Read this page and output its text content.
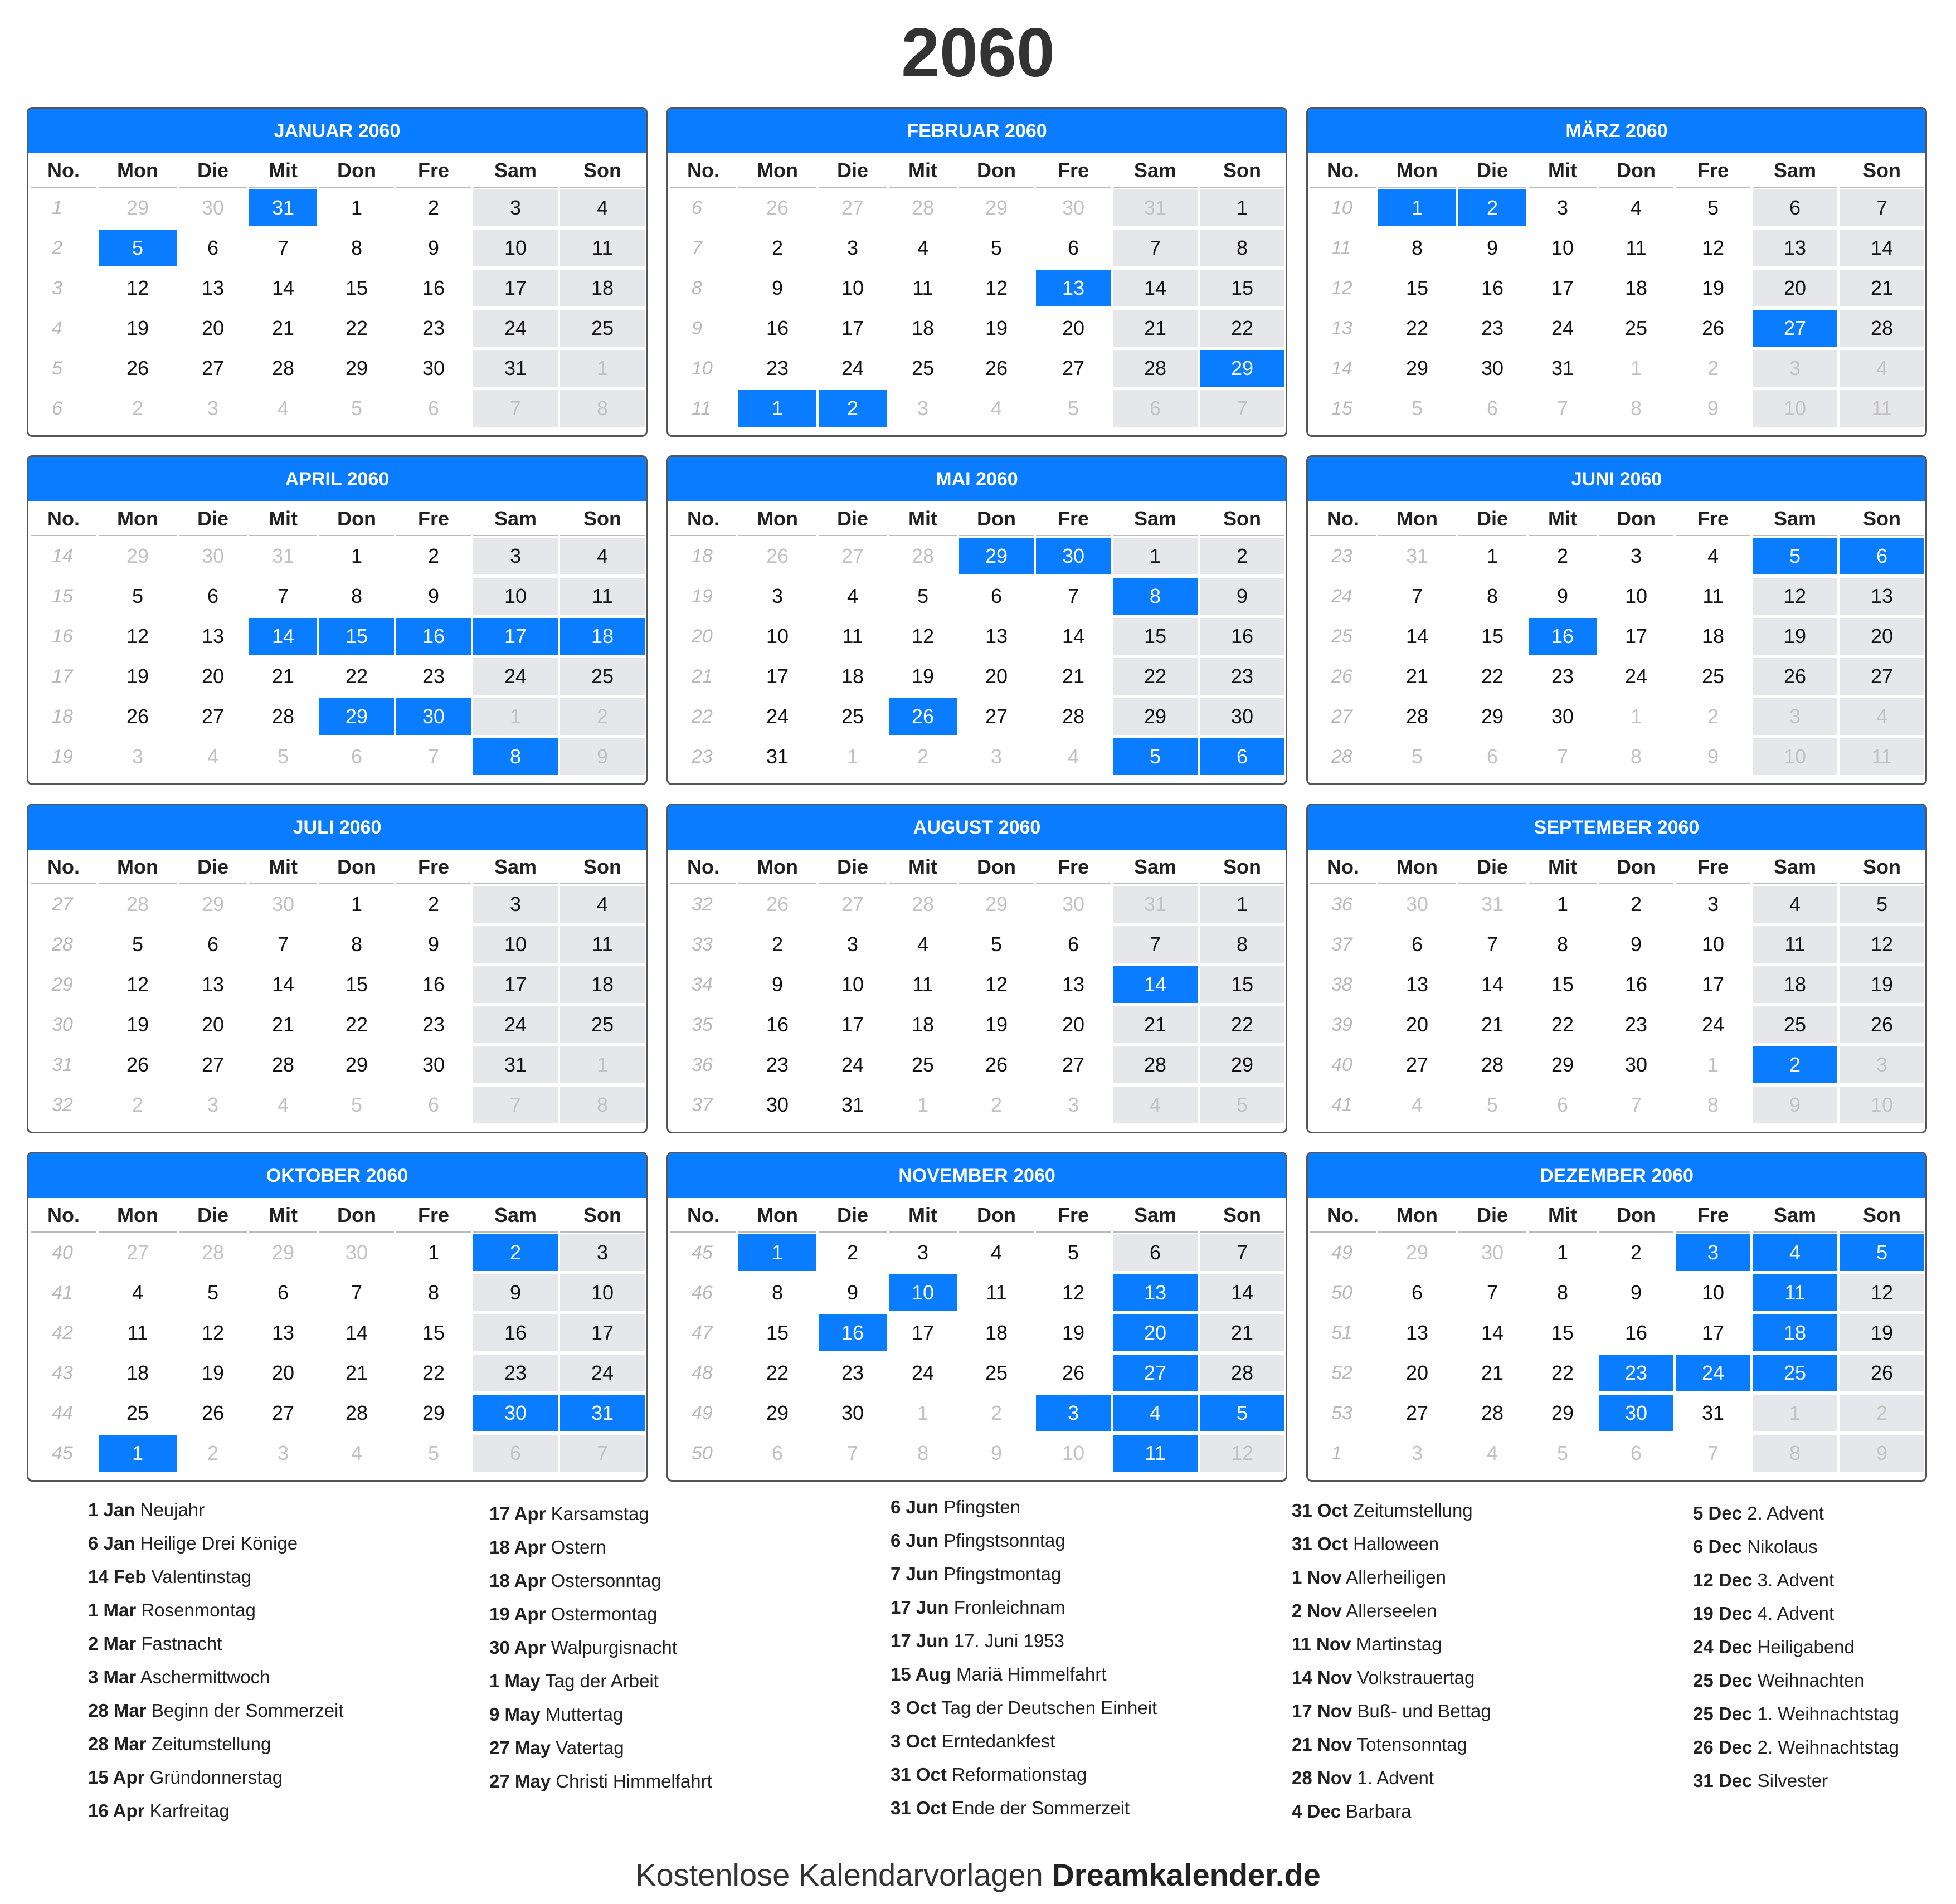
2060
JANUAR 2060
No.	Mon	Die	Mit	Don	Fre	Sam	Son
1	29	30	31	1	2	3	4
2	5	6	7	8	9	10	11
3	12	13	14	15	16	17	18
4	19	20	21	22	23	24	25
5	26	27	28	29	30	31	1
6	2	3	4	5	6	7	8
FEBRUAR 2060
No.	Mon	Die	Mit	Don	Fre	Sam	Son
6	26	27	28	29	30	31	1
7	2	3	4	5	6	7	8
8	9	10	11	12	13	14	15
9	16	17	18	19	20	21	22
10	23	24	25	26	27	28	29
11	1	2	3	4	5	6	7
MÄRZ 2060
No.	Mon	Die	Mit	Don	Fre	Sam	Son
10	1	2	3	4	5	6	7
11	8	9	10	11	12	13	14
12	15	16	17	18	19	20	21
13	22	23	24	25	26	27	28
14	29	30	31	1	2	3	4
15	5	6	7	8	9	10	11
APRIL 2060
No.	Mon	Die	Mit	Don	Fre	Sam	Son
14	29	30	31	1	2	3	4
15	5	6	7	8	9	10	11
16	12	13	14	15	16	17	18
17	19	20	21	22	23	24	25
18	26	27	28	29	30	1	2
19	3	4	5	6	7	8	9
MAI 2060
No.	Mon	Die	Mit	Don	Fre	Sam	Son
18	26	27	28	29	30	1	2
19	3	4	5	6	7	8	9
20	10	11	12	13	14	15	16
21	17	18	19	20	21	22	23
22	24	25	26	27	28	29	30
23	31	1	2	3	4	5	6
JUNI 2060
No.	Mon	Die	Mit	Don	Fre	Sam	Son
23	31	1	2	3	4	5	6
24	7	8	9	10	11	12	13
25	14	15	16	17	18	19	20
26	21	22	23	24	25	26	27
27	28	29	30	1	2	3	4
28	5	6	7	8	9	10	11
JULI 2060
No.	Mon	Die	Mit	Don	Fre	Sam	Son
27	28	29	30	1	2	3	4
28	5	6	7	8	9	10	11
29	12	13	14	15	16	17	18
30	19	20	21	22	23	24	25
31	26	27	28	29	30	31	1
32	2	3	4	5	6	7	8
AUGUST 2060
No.	Mon	Die	Mit	Don	Fre	Sam	Son
32	26	27	28	29	30	31	1
33	2	3	4	5	6	7	8
34	9	10	11	12	13	14	15
35	16	17	18	19	20	21	22
36	23	24	25	26	27	28	29
37	30	31	1	2	3	4	5
SEPTEMBER 2060
No.	Mon	Die	Mit	Don	Fre	Sam	Son
36	30	31	1	2	3	4	5
37	6	7	8	9	10	11	12
38	13	14	15	16	17	18	19
39	20	21	22	23	24	25	26
40	27	28	29	30	1	2	3
41	4	5	6	7	8	9	10
OKTOBER 2060
No.	Mon	Die	Mit	Don	Fre	Sam	Son
40	27	28	29	30	1	2	3
41	4	5	6	7	8	9	10
42	11	12	13	14	15	16	17
43	18	19	20	21	22	23	24
44	25	26	27	28	29	30	31
45	1	2	3	4	5	6	7
NOVEMBER 2060
No.	Mon	Die	Mit	Don	Fre	Sam	Son
45	1	2	3	4	5	6	7
46	8	9	10	11	12	13	14
47	15	16	17	18	19	20	21
48	22	23	24	25	26	27	28
49	29	30	1	2	3	4	5
50	6	7	8	9	10	11	12
DEZEMBER 2060
No.	Mon	Die	Mit	Don	Fre	Sam	Son
49	29	30	1	2	3	4	5
50	6	7	8	9	10	11	12
51	13	14	15	16	17	18	19
52	20	21	22	23	24	25	26
53	27	28	29	30	31	1	2
1	3	4	5	6	7	8	9
1 Jan Neujahr
6 Jan Heilige Drei Könige
14 Feb Valentinstag
1 Mar Rosenmontag
2 Mar Fastnacht
3 Mar Aschermittwoch
28 Mar Beginn der Sommerzeit
28 Mar Zeitumstellung
15 Apr Gründonnerstag
16 Apr Karfreitag
17 Apr Karsamstag
18 Apr Ostern
18 Apr Ostersonntag
19 Apr Ostermontag
30 Apr Walpurgisnacht
1 May Tag der Arbeit
9 May Muttertag
27 May Vatertag
27 May Christi Himmelfahrt
6 Jun Pfingsten
6 Jun Pfingstsonntag
7 Jun Pfingstmontag
17 Jun Fronleichnam
17 Jun 17. Juni 1953
15 Aug Mariä Himmelfahrt
3 Oct Tag der Deutschen Einheit
3 Oct Erntedankfest
31 Oct Reformationstag
31 Oct Ende der Sommerzeit
31 Oct Zeitumstellung
31 Oct Halloween
1 Nov Allerheiligen
2 Nov Allerseelen
11 Nov Martinstag
14 Nov Volkstrauertag
17 Nov Buß- und Bettag
21 Nov Totensonntag
28 Nov 1. Advent
4 Dec Barbara
5 Dec 2. Advent
6 Dec Nikolaus
12 Dec 3. Advent
19 Dec 4. Advent
24 Dec Heiligabend
25 Dec Weihnachten
25 Dec 1. Weihnachtstag
26 Dec 2. Weihnachtstag
31 Dec Silvester
Kostenlose Kalendarvorlagen Dreamkalender.de
